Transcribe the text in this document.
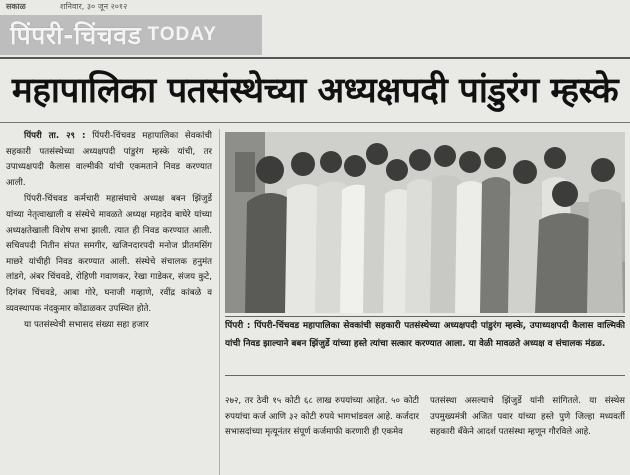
सकाळ	शनिवार, ३० जून २०१२
पिंपरी-चिंचवड TODAY
महापालिका पतसंस्थेच्या अध्यक्षपदी पांडुरंग म्हस्के

पिंपरी ता. २९ : पिंपरी-चिंचवड महापालिका सेवकांची सहकारी पतसंस्थेच्या अध्यक्षपदी पांडुरंग म्हस्के यांची, तर उपाध्यक्षपदी कैलास वाल्मीकी यांची एकमताने निवड करण्यात आली.

पिंपरी-चिंचवड कर्मचारी महासंघाचे अध्यक्ष बबन झिंजुर्डे यांच्या नेतृत्वाखाली व संस्थेचे मावळते अध्यक्ष महादेव बाघेरे यांच्या अध्यक्षतेखाली विशेष सभा झाली. त्यात ही निवड करण्यात आली. सचिवपदी नितीन संपत समगीर, खजिनदारपदी मनोज प्रीतमसिंग माछरे यांचीही निवड करण्यात आली. संस्थेचे संचालक हनुमंत लांडगे, अंबर चिंचवडे, रोहिणी गवाणकर, रेखा गाडेकर, संजय कुटे, दिगंबर चिंचवडे, आबा गोरे, घनाजी गव्हाणे, रवींद्र कांबळे व व्यवस्थापक नंदकुमार कोंढाळकर उपस्थित होते.

या पतसंस्थेची सभासद संख्या सहा हजार	पिंपरी : पिंपरी-चिंचवड महापालिका सेवकांची सहकारी पतसंस्थेच्या अध्यक्षपदी पांडुरंग म्हस्के, उपाध्यक्षपदी कैलास वाल्मिकी यांची निवड झाल्याने बबन झिंजुर्डे यांच्या हस्ते त्यांचा सत्कार करण्यात आला. या वेळी मावळते अध्यक्ष व संचालक मंडळ.

२७२, तर ठेवी १५ कोटी ६८ लाख रुपयांच्या आहेत. ५० कोटी रुपयांचा कर्ज आणि ३२ कोटी रुपये भागभांडवल आहे. कर्जदार सभासदांच्या मृत्यूनंतर संपूर्ण कर्जमाफी करणारी ही एकमेव

पतसंस्था असल्याचे झिंजुर्डे यांनी सांगितले. या संस्थेस उपमुख्यमंत्री अजित पवार यांच्या हस्ते पुणे जिल्हा मध्यवर्ती सहकारी बँकेने आदर्श पतसंस्था म्हणून गौरविले आहे.
